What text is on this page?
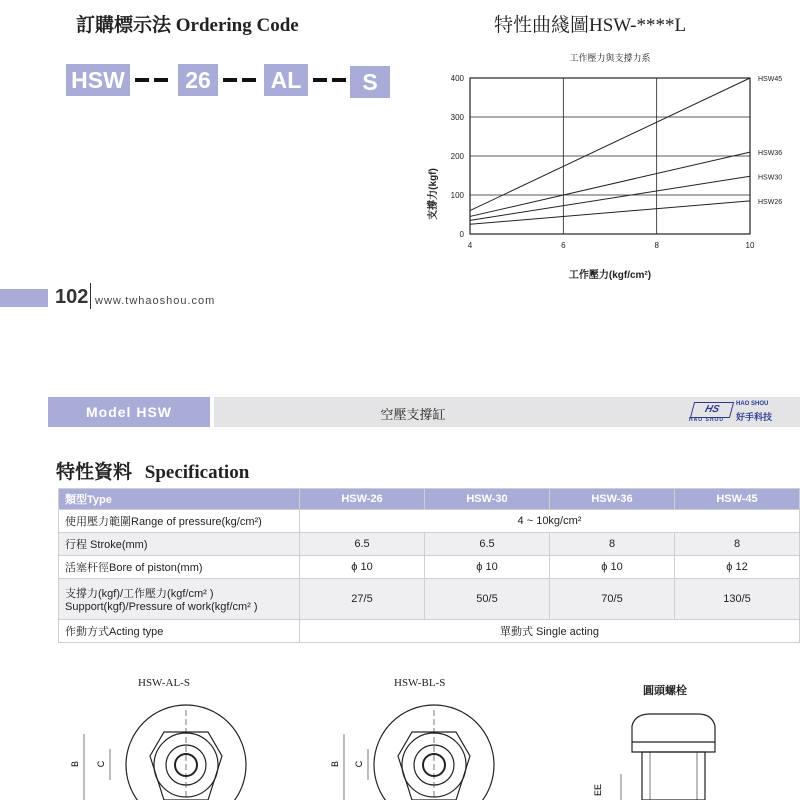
訂購標示法 Ordering Code
HSW	26	AL	S
特性曲綫圖HSW-****L
工作壓力與支撐力系
0
100
200
300
400
4	6	8	10
HSW45
HSW36
HSW30
HSW26
支撐力(kgf)
工作壓力(kgf/cm²)
102 www.twhaoshou.com
Model HSW	空壓支撐缸	HS
HAO SHOU
HAO SHOU
好手科技
特性資料 Specification
類型Type	HSW-26	HSW-30	HSW-36	HSW-45
使用壓力範圍Range of pressure(kg/cm²)	4 ~ 10kg/cm²			
行程 Stroke(mm)	6.5	6.5	8	8
活塞杆徑Bore of piston(mm)	ϕ 10	ϕ 10	ϕ 10	ϕ 12

支撐力(kgf)/工作壓力(kgf/cm² )
Support(kgf)/Pressure of work(kgf/cm² )	27/5	50/5	70/5	130/5
作動方式Acting type	單動式 Single acting			
HSW-AL-S	HSW-BL-S
圓頭螺栓
B C	B C
EE
